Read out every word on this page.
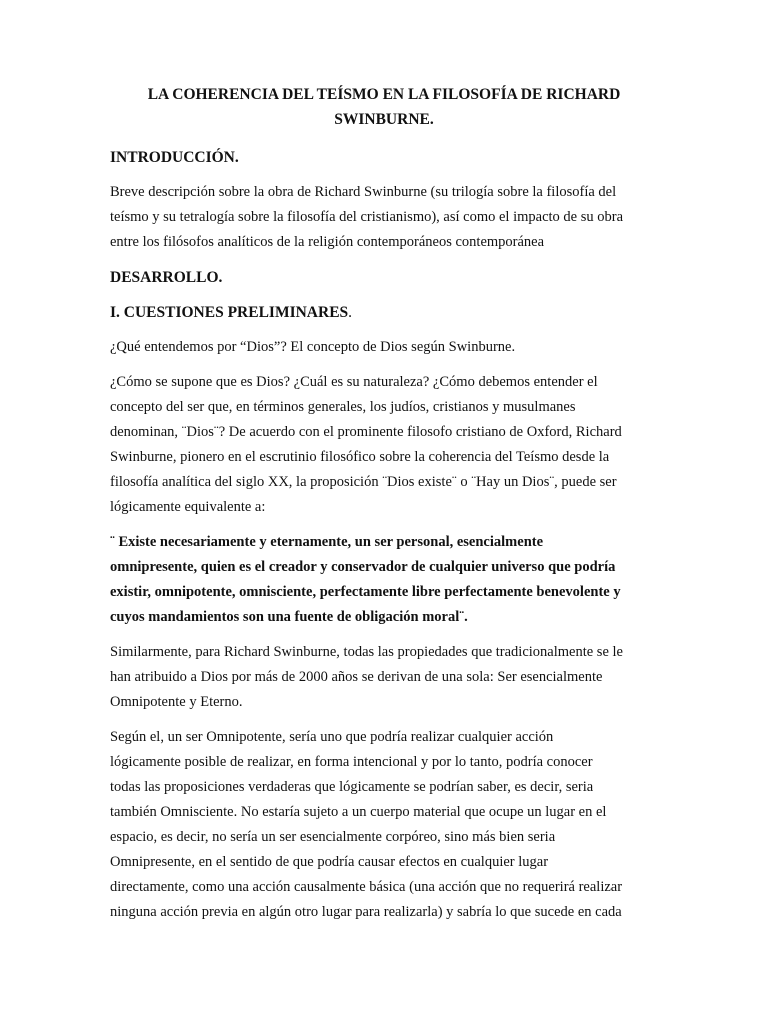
LA COHERENCIA DEL TEÍSMO EN LA FILOSOFÍA DE RICHARD
SWINBURNE.
INTRODUCCIÓN.
Breve descripción sobre la obra de Richard Swinburne (su trilogía sobre la filosofía del
teísmo y su tetralogía sobre la filosofía del cristianismo), así como el impacto de su obra
entre los filósofos analíticos de la religión contemporáneos contemporánea
DESARROLLO.
I. CUESTIONES PRELIMINARES.
¿Qué entendemos por “Dios”? El concepto de Dios según Swinburne.
¿Cómo se supone que es Dios? ¿Cuál es su naturaleza? ¿Cómo debemos entender el
concepto del ser que, en términos generales, los judíos, cristianos y musulmanes
denominan, ¨Dios¨? De acuerdo con el prominente filosofo cristiano de Oxford, Richard
Swinburne, pionero en el escrutinio filosófico sobre la coherencia del Teísmo desde la
filosofía analítica del siglo XX, la proposición ¨Dios existe¨ o ¨Hay un Dios¨, puede ser
lógicamente equivalente a:
¨ Existe necesariamente y eternamente, un ser personal, esencialmente
omnipresente, quien es el creador y conservador de cualquier universo que podría
existir, omnipotente, omnisciente, perfectamente libre perfectamente benevolente y
cuyos mandamientos son una fuente de obligación moral¨.
Similarmente, para Richard Swinburne, todas las propiedades que tradicionalmente se le
han atribuido a Dios por más de 2000 años se derivan de una sola: Ser esencialmente
Omnipotente y Eterno.
Según el, un ser Omnipotente, sería uno que podría realizar cualquier acción
lógicamente posible de realizar, en forma intencional y por lo tanto, podría conocer
todas las proposiciones verdaderas que lógicamente se podrían saber, es decir, seria
también Omnisciente. No estaría sujeto a un cuerpo material que ocupe un lugar en el
espacio, es decir, no sería un ser esencialmente corpóreo, sino más bien seria
Omnipresente, en el sentido de que podría causar efectos en cualquier lugar
directamente, como una acción causalmente básica (una acción que no requerirá realizar
ninguna acción previa en algún otro lugar para realizarla) y sabría lo que sucede en cada
